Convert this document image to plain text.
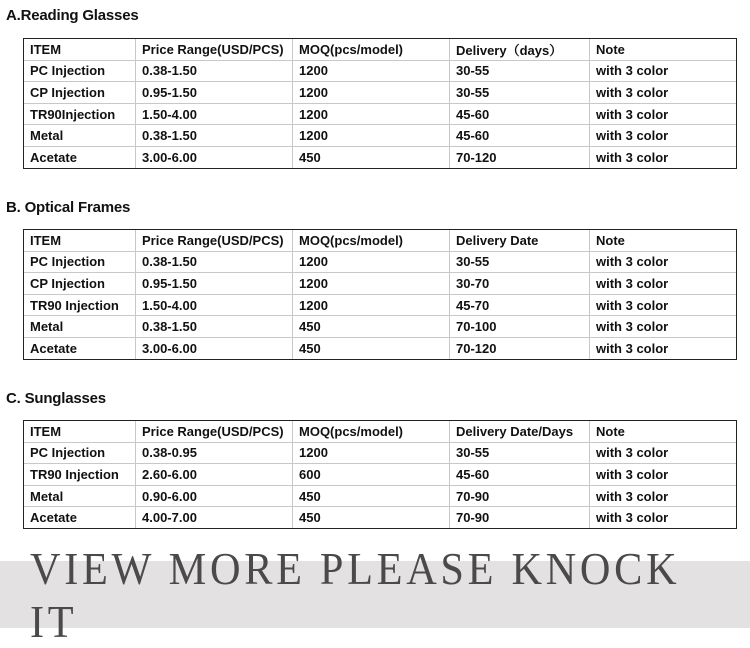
A.Reading Glasses
ITEM	Price Range(USD/PCS)	MOQ(pcs/model)	Delivery（days）	Note
PC Injection	0.38-1.50	1200	30-55	with 3 color
CP Injection	0.95-1.50	1200	30-55	with 3 color
TR90Injection	1.50-4.00	1200	45-60	with 3 color
Metal	0.38-1.50	1200	45-60	with 3 color
Acetate	3.00-6.00	450	70-120	with 3 color
B. Optical Frames
ITEM	Price Range(USD/PCS)	MOQ(pcs/model)	Delivery Date	Note
PC Injection	0.38-1.50	1200	30-55	with 3 color
CP Injection	0.95-1.50	1200	30-70	with 3 color
TR90 Injection	1.50-4.00	1200	45-70	with 3 color
Metal	0.38-1.50	450	70-100	with 3 color
Acetate	3.00-6.00	450	70-120	with 3 color
C. Sunglasses
ITEM	Price Range(USD/PCS)	MOQ(pcs/model)	Delivery Date/Days	Note
PC Injection	0.38-0.95	1200	30-55	with 3 color
TR90 Injection	2.60-6.00	600	45-60	with 3 color
Metal	0.90-6.00	450	70-90	with 3 color
Acetate	4.00-7.00	450	70-90	with 3 color
VIEW MORE PLEASE KNOCK IT
